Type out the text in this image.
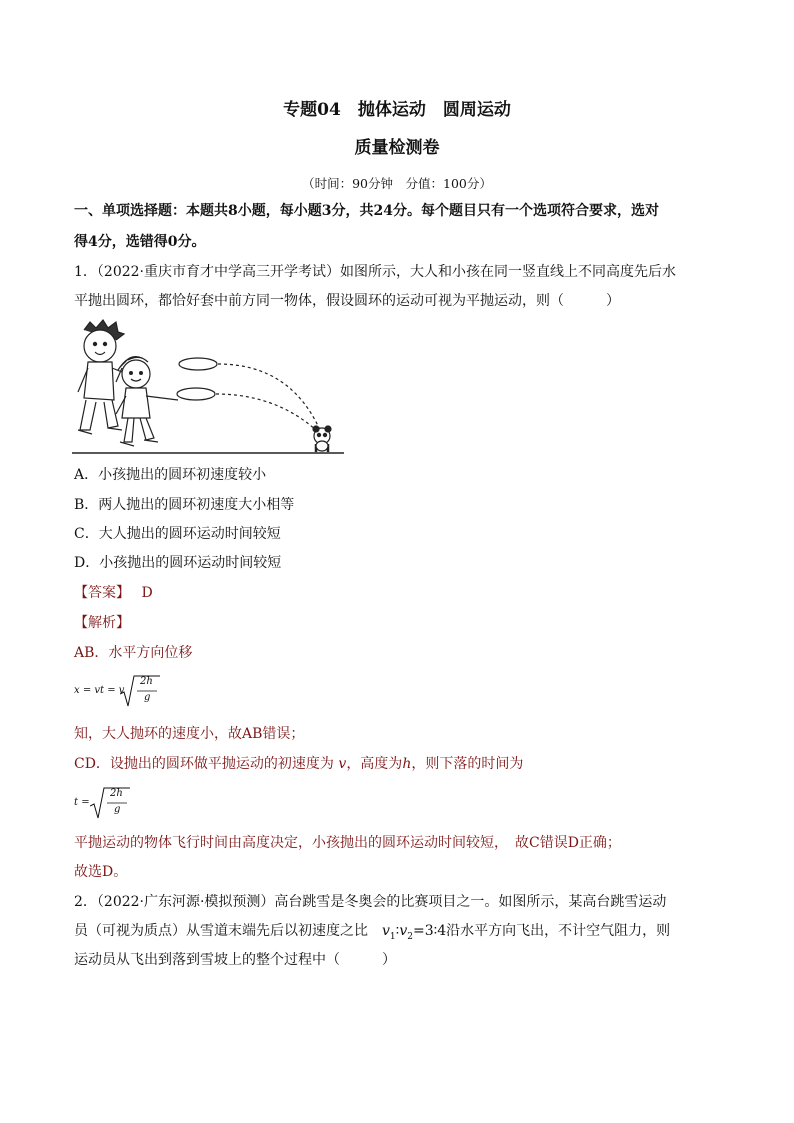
专题04　抛体运动　圆周运动
质量检测卷
（时间：90分钟　分值：100分）
一、单项选择题：本题共8小题，每小题3分，共24分。每个题目只有一个选项符合要求，选对
得4分，选错得0分。
1．（2022·重庆市育才中学高三开学考试）如图所示，大人和小孩在同一竖直线上不同高度先后水
平抛出圆环，都恰好套中前方同一物体，假设圆环的运动可视为平抛运动，则（　　　）
A．小孩抛出的圆环初速度较小
B．两人抛出的圆环初速度大小相等
C．大人抛出的圆环运动时间较短
D．小孩抛出的圆环运动时间较短
【答案】　 D
【解析】
AB．水平方向位移
x = vt = v
2h
g
知，大人抛环的速度小，故AB错误；
CD．设抛出的圆环做平抛运动的初速度为 v，高度为h，则下落的时间为
t =
2h
g
平抛运动的物体飞行时间由高度决定，小孩抛出的圆环运动时间较短，　故C错误D正确；
故选D。
2．（2022·广东河源·模拟预测）高台跳雪是冬奥会的比赛项目之一。如图所示，某高台跳雪运动
员（可视为质点）从雪道末端先后以初速度之比　 $v_1∶v_2=3∶4$沿水平方向飞出，不计空气阻力，则
运动员从飞出到落到雪坡上的整个过程中（　　　）
